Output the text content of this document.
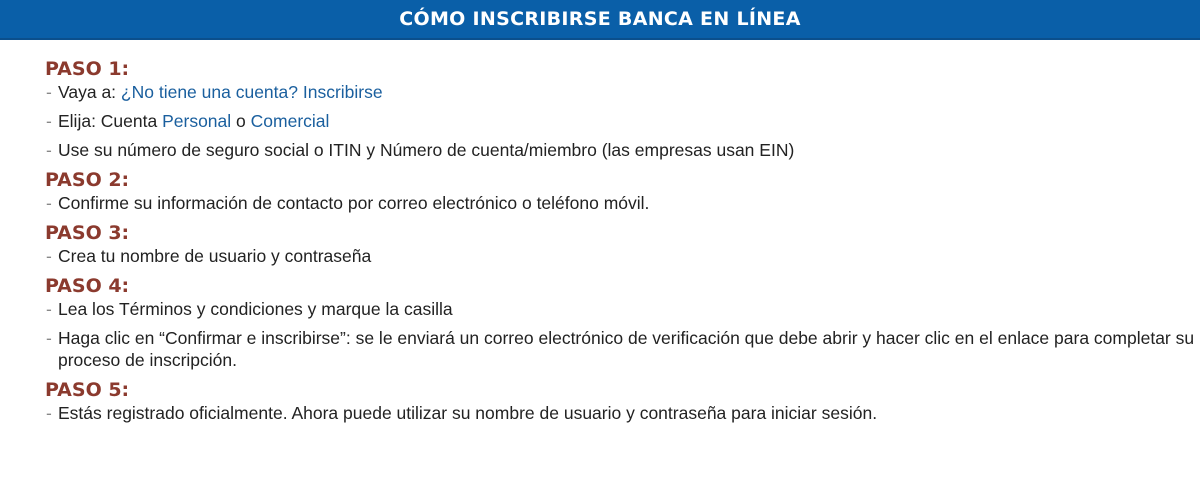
CÓMO INSCRIBIRSE BANCA EN LÍNEA
PASO 1:
- Vaya a: ¿No tiene una cuenta? Inscribirse
- Elija: Cuenta Personal o Comercial
- Use su número de seguro social o ITIN y Número de cuenta/miembro (las empresas usan EIN)
PASO 2:
- Confirme su información de contacto por correo electrónico o teléfono móvil.
PASO 3:
- Crea tu nombre de usuario y contraseña
PASO 4:
- Lea los Términos y condiciones y marque la casilla
- Haga clic en “Confirmar e inscribirse”: se le enviará un correo electrónico de verificación que debe abrir y hacer clic en el enlace para completar su proceso de inscripción.
PASO 5:
- Estás registrado oficialmente. Ahora puede utilizar su nombre de usuario y contraseña para iniciar sesión.
